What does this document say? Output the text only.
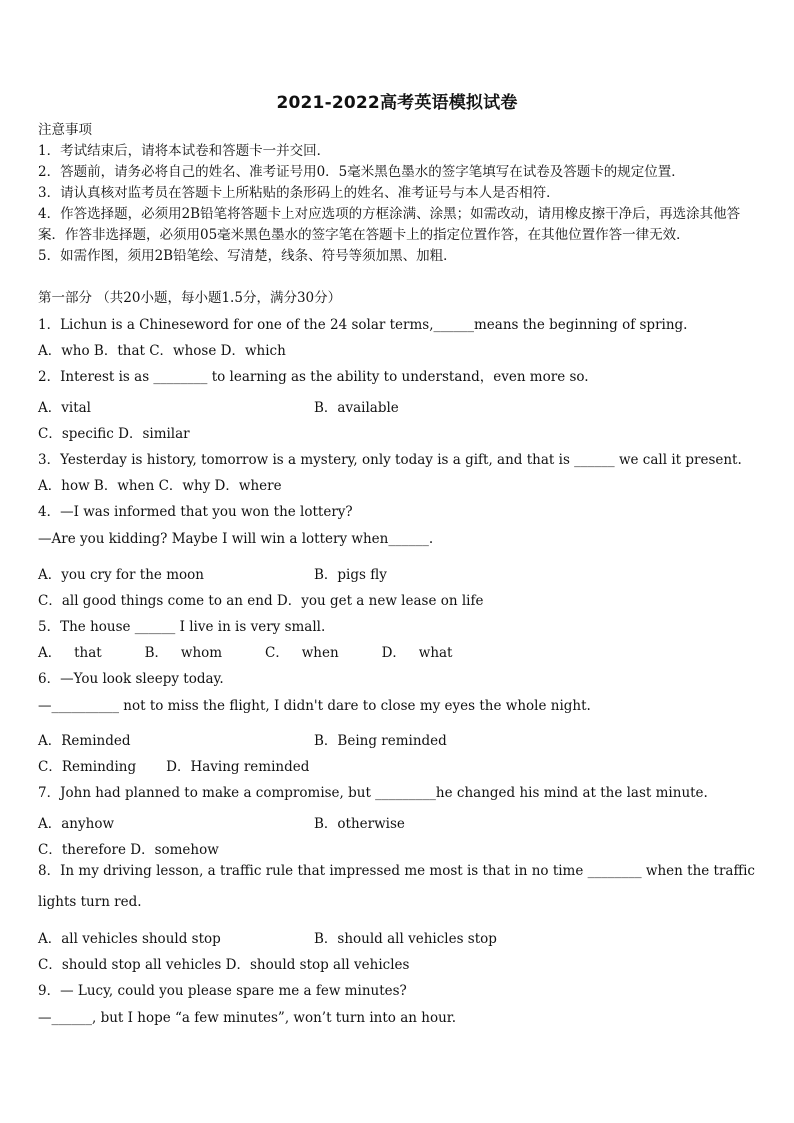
2021-2022高考英语模拟试卷
注意事项
1．考试结束后，请将本试卷和答题卡一并交回．
2．答题前，请务必将自己的姓名、准考证号用0．5毫米黑色墨水的签字笔填写在试卷及答题卡的规定位置．
3．请认真核对监考员在答题卡上所粘贴的条形码上的姓名、准考证号与本人是否相符．
4．作答选择题，必须用2B铅笔将答题卡上对应选项的方框涂满、涂黑；如需改动，请用橡皮擦干净后，再选涂其他答案．作答非选择题，必须用05毫米黑色墨水的签字笔在答题卡上的指定位置作答，在其他位置作答一律无效．
5．如需作图，须用2B铅笔绘、写清楚，线条、符号等须加黑、加粗．
第一部分 （共20小题，每小题1.5分，满分30分）
1．Lichun is a Chineseword for one of the 24 solar terms,______means the beginning of spring.
A．who B．that C．whose D．which
2．Interest is as ________ to learning as the ability to understand，even more so.
A．vital	B．available
C．specific D．similar
3．Yesterday is history, tomorrow is a mystery, only today is a gift, and that is ______ we call it present.
A．how B．when C．why D．where
4．—I was informed that you won the lottery?
—Are you kidding? Maybe I will win a lottery when______.
A．you cry for the moon	B．pigs fly
C．all good things come to an end D．you get a new lease on life
5．The house ______ I live in is very small.
A．   that          B．   whom          C．   when          D．   what
6．—You look sleepy today.
—__________ not to miss the flight, I didn't dare to close my eyes the whole night.
A．Reminded	B．Being reminded
C．Reminding       D．Having reminded
7．John had planned to make a compromise, but _________he changed his mind at the last minute.
A．anyhow	B．otherwise
C．therefore D．somehow
8．In my driving lesson, a traffic rule that impressed me most is that in no time ________ when the traffic lights turn red.
A．all vehicles should stop	B．should all vehicles stop
C．should stop all vehicles D．should stop all vehicles
9．— Lucy, could you please spare me a few minutes?
—______, but I hope “a few minutes”, won’t turn into an hour.
